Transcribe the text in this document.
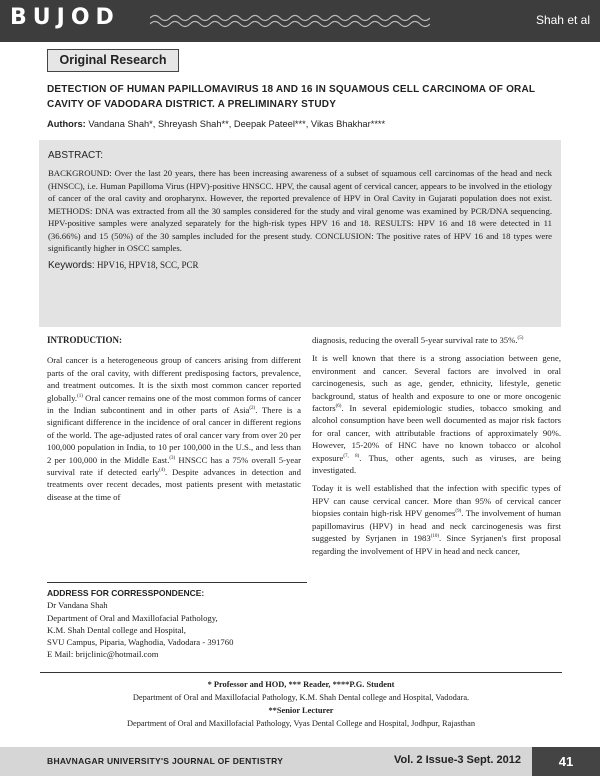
BUJOD	Shah et al
Original Research
DETECTION OF HUMAN PAPILLOMAVIRUS 18 AND 16 IN SQUAMOUS CELL CARCINOMA OF ORAL CAVITY OF VADODARA DISTRICT. A PRELIMINARY STUDY
Authors: Vandana Shah*, Shreyash Shah**, Deepak Pateel***, Vikas Bhakhar****
ABSTRACT:
BACKGROUND: Over the last 20 years, there has been increasing awareness of a subset of squamous cell carcinomas of the head and neck (HNSCC), i.e. Human Papilloma Virus (HPV)-positive HNSCC. HPV, the causal agent of cervical cancer, appears to be involved in the etiology of cancer of the oral cavity and oropharynx. However, the reported prevalence of HPV in Oral Cavity in Gujarati population does not exist. METHODS: DNA was extracted from all the 30 samples considered for the study and viral genome was examined by PCR/DNA sequencing. HPV-positive samples were analyzed separately for the high-risk types HPV 16 and 18. RESULTS: HPV 16 and 18 were detected in 11 (36.66%) and 15 (50%) of the 30 samples included for the present study. CONCLUSION: The positive rates of HPV 16 and 18 types were significantly higher in OSCC samples.
Keywords: HPV16, HPV18, SCC, PCR
INTRODUCTION:

Oral cancer is a heterogeneous group of cancers arising from different parts of the oral cavity, with different predisposing factors, prevalence, and treatment outcomes. It is the sixth most common cancer reported globally.$^{(1)}$ Oral cancer remains one of the most common forms of cancer in the Indian subcontinent and in other parts of Asia$^{(2)}$. There is a significant difference in the incidence of oral cancer in different regions of the world. The age-adjusted rates of oral cancer vary from over 20 per 100,000 population in India, to 10 per 100,000 in the U.S., and less than 2 per 100,000 in the Middle East.$^{(3)}$ HNSCC has a 75% overall 5-year survival rate if detected early$^{(4)}$. Despite advances in detection and treatments over recent decades, most patients present with metastatic disease at the time of

ADDRESS FOR CORRESSPONDENCE:
Dr Vandana Shah
Department of Oral and Maxillofacial Pathology,
K.M. Shah Dental college and Hospital,
SVU Campus, Piparia, Waghodia, Vadodara - 391760
E Mail: brijclinic@hotmail.com

diagnosis, reducing the overall 5-year survival rate to 35%.$^{(5)}$

It is well known that there is a strong association between gene, environment and cancer. Several factors are involved in oral carcinogenesis, such as age, gender, ethnicity, lifestyle, genetic background, status of health and exposure to one or more oncogenic factors$^{(6)}$. In several epidemiologic studies, tobacco smoking and alcohol consumption have been well documented as major risk factors for oral cancer, with attributable fractions of approximately 90%. However, 15-20% of HNC have no known tobacco or alcohol exposure$^{(7, 8)}$. Thus, other agents, such as viruses, are being investigated.

Today it is well established that the infection with specific types of HPV can cause cervical cancer. More than 95% of cervical cancer biopsies contain high-risk HPV genomes$^{(9)}$. The involvement of human papillomavirus (HPV) in head and neck carcinogenesis was first suggested by Syrjanen in 1983$^{(10)}$. Since Syrjanen's first proposal regarding the involvement of HPV in head and neck cancer,

* Professor and HOD, *** Reader, ****P.G. Student
Department of Oral and Maxillofacial Pathology, K.M. Shah Dental college and Hospital, Vadodara.
**Senior Lecturer
Department of Oral and Maxillofacial Pathology, Vyas Dental College and Hospital, Jodhpur, Rajasthan
BHAVNAGAR UNIVERSITY'S JOURNAL OF DENTISTRY	Vol. 2 Issue-3 Sept. 2012	41
